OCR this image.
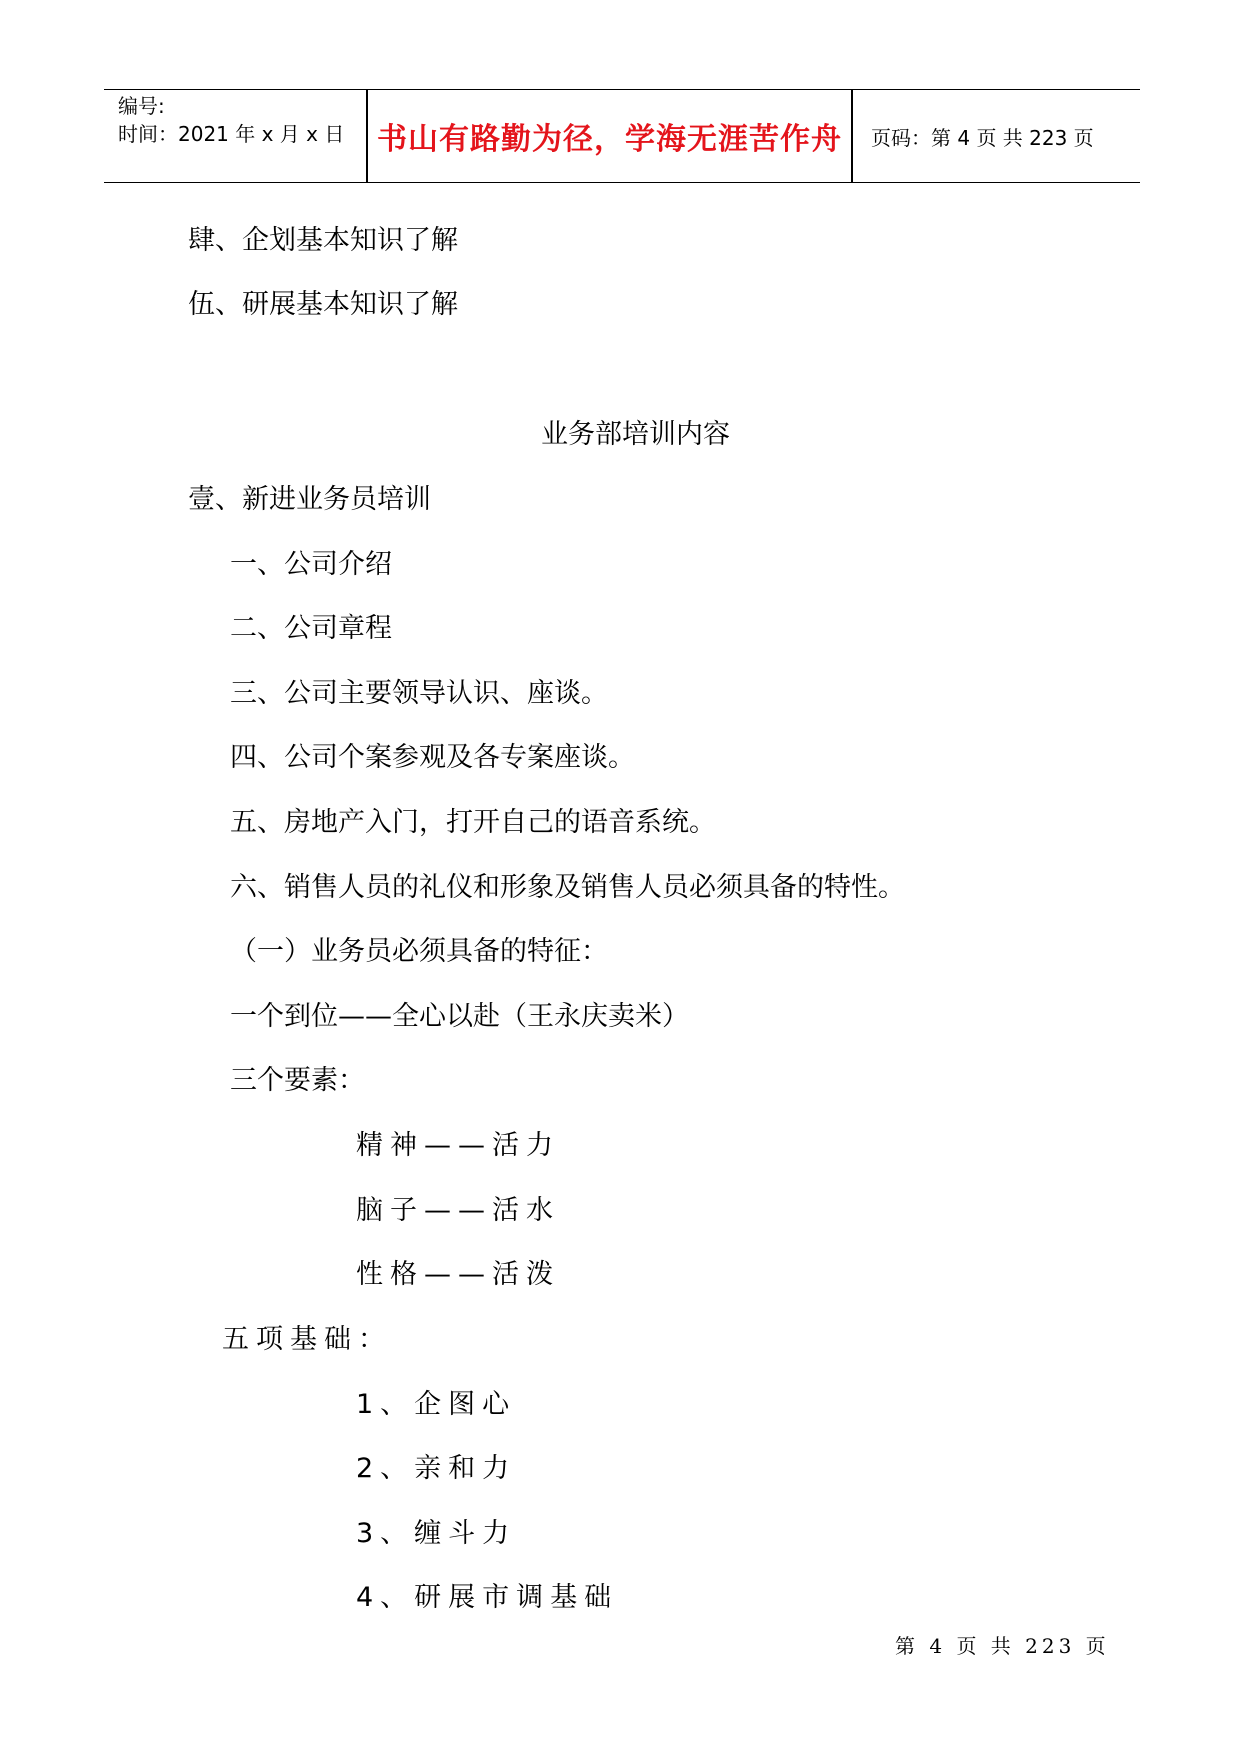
编号:
时间：2021 年 x 月 x 日	书山有路勤为径，学海无涯苦作舟	页码：第 4 页 共 223 页
肆、企划基本知识了解
伍、研展基本知识了解
业务部培训内容
壹、新进业务员培训
一、公司介绍
二、公司章程
三、公司主要领导认识、座谈。
四、公司个案参观及各专案座谈。
五、房地产入门，打开自己的语音系统。
六、销售人员的礼仪和形象及销售人员必须具备的特性。
（一）业务员必须具备的特征：
一个到位——全心以赴（王永庆卖米）
三个要素：
精神——活力
脑子——活水
性格——活泼
五项基础：
1、企图心
2、亲和力
3、缠斗力
4、研展市调基础
第 4 页 共 223 页
